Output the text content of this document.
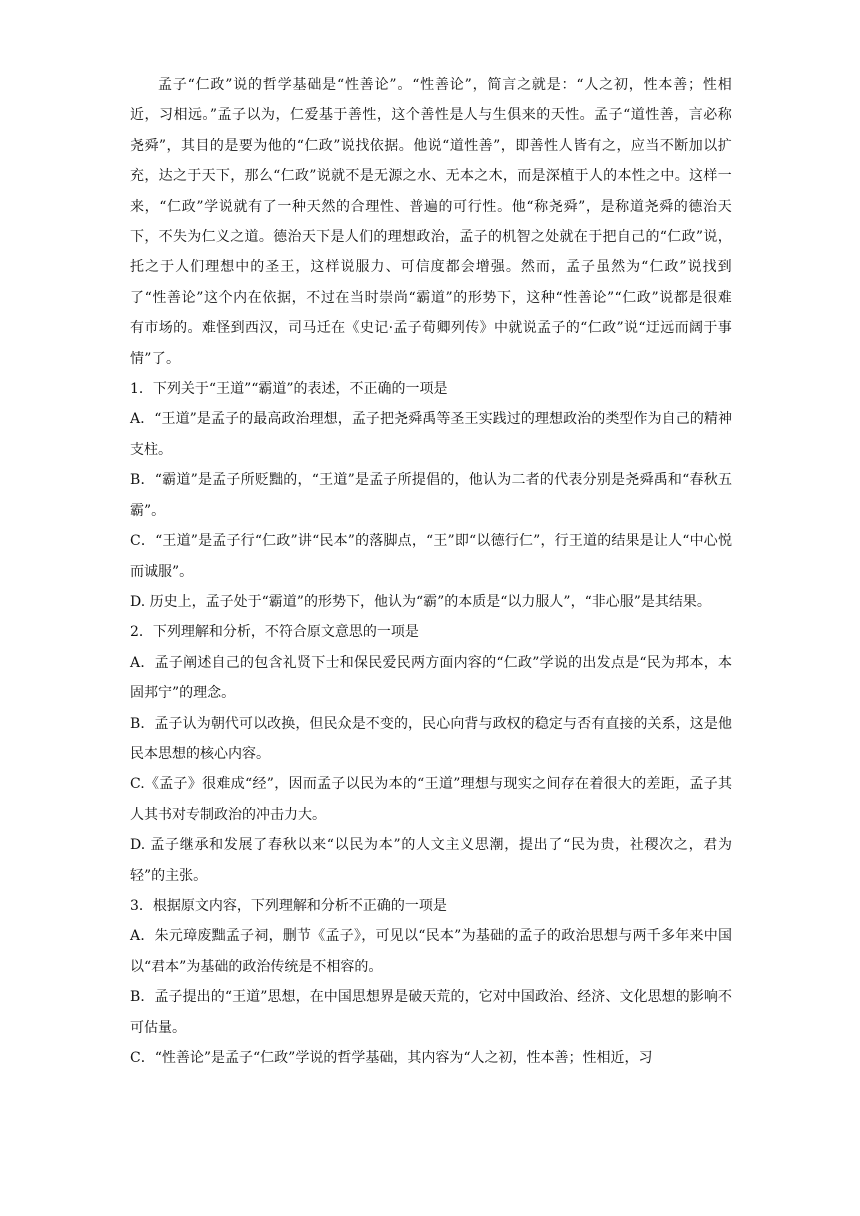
孟子“仁政”说的哲学基础是“性善论”。“性善论”，简言之就是：“人之初，性本善；性相近，习相远。”孟子以为，仁爱基于善性，这个善性是人与生俱来的天性。孟子“道性善，言必称尧舜”，其目的是要为他的“仁政”说找依据。他说“道性善”，即善性人皆有之，应当不断加以扩充，达之于天下，那么“仁政”说就不是无源之水、无本之木，而是深植于人的本性之中。这样一来，“仁政”学说就有了一种天然的合理性、普遍的可行性。他“称尧舜”，是称道尧舜的德治天下，不失为仁义之道。德治天下是人们的理想政治，孟子的机智之处就在于把自己的“仁政”说，托之于人们理想中的圣王，这样说服力、可信度都会增强。然而，孟子虽然为“仁政”说找到了“性善论”这个内在依据，不过在当时崇尚“霸道”的形势下，这种“性善论”“仁政”说都是很难有市场的。难怪到西汉，司马迁在《史记·孟子荀卿列传》中就说孟子的“仁政”说“迂远而阔于事情”了。

1．下列关于“王道”“霸道”的表述，不正确的一项是

A．“王道”是孟子的最高政治理想，孟子把尧舜禹等圣王实践过的理想政治的类型作为自己的精神支柱。

B．“霸道”是孟子所贬黜的，“王道”是孟子所提倡的，他认为二者的代表分别是尧舜禹和“春秋五霸”。

C．“王道”是孟子行“仁政”讲“民本”的落脚点，“王”即“以德行仁”，行王道的结果是让人“中心悦而诚服”。

D. 历史上，孟子处于“霸道”的形势下，他认为“霸”的本质是“以力服人”，“非心服”是其结果。

2．下列理解和分析，不符合原文意思的一项是

A．孟子阐述自己的包含礼贤下士和保民爱民两方面内容的“仁政”学说的出发点是“民为邦本，本固邦宁”的理念。

B．孟子认为朝代可以改换，但民众是不变的，民心向背与政权的稳定与否有直接的关系，这是他民本思想的核心内容。

C.《孟子》很难成“经”，因而孟子以民为本的“王道”理想与现实之间存在着很大的差距，孟子其人其书对专制政治的冲击力大。

D. 孟子继承和发展了春秋以来“以民为本”的人文主义思潮，提出了“民为贵，社稷次之，君为轻”的主张。

3．根据原文内容，下列理解和分析不正确的一项是

A．朱元璋废黜孟子祠，删节《孟子》，可见以“民本”为基础的孟子的政治思想与两千多年来中国以“君本”为基础的政治传统是不相容的。

B．孟子提出的“王道”思想，在中国思想界是破天荒的，它对中国政治、经济、文化思想的影响不可估量。

C．“性善论”是孟子“仁政”学说的哲学基础，其内容为“人之初，性本善；性相近，习
